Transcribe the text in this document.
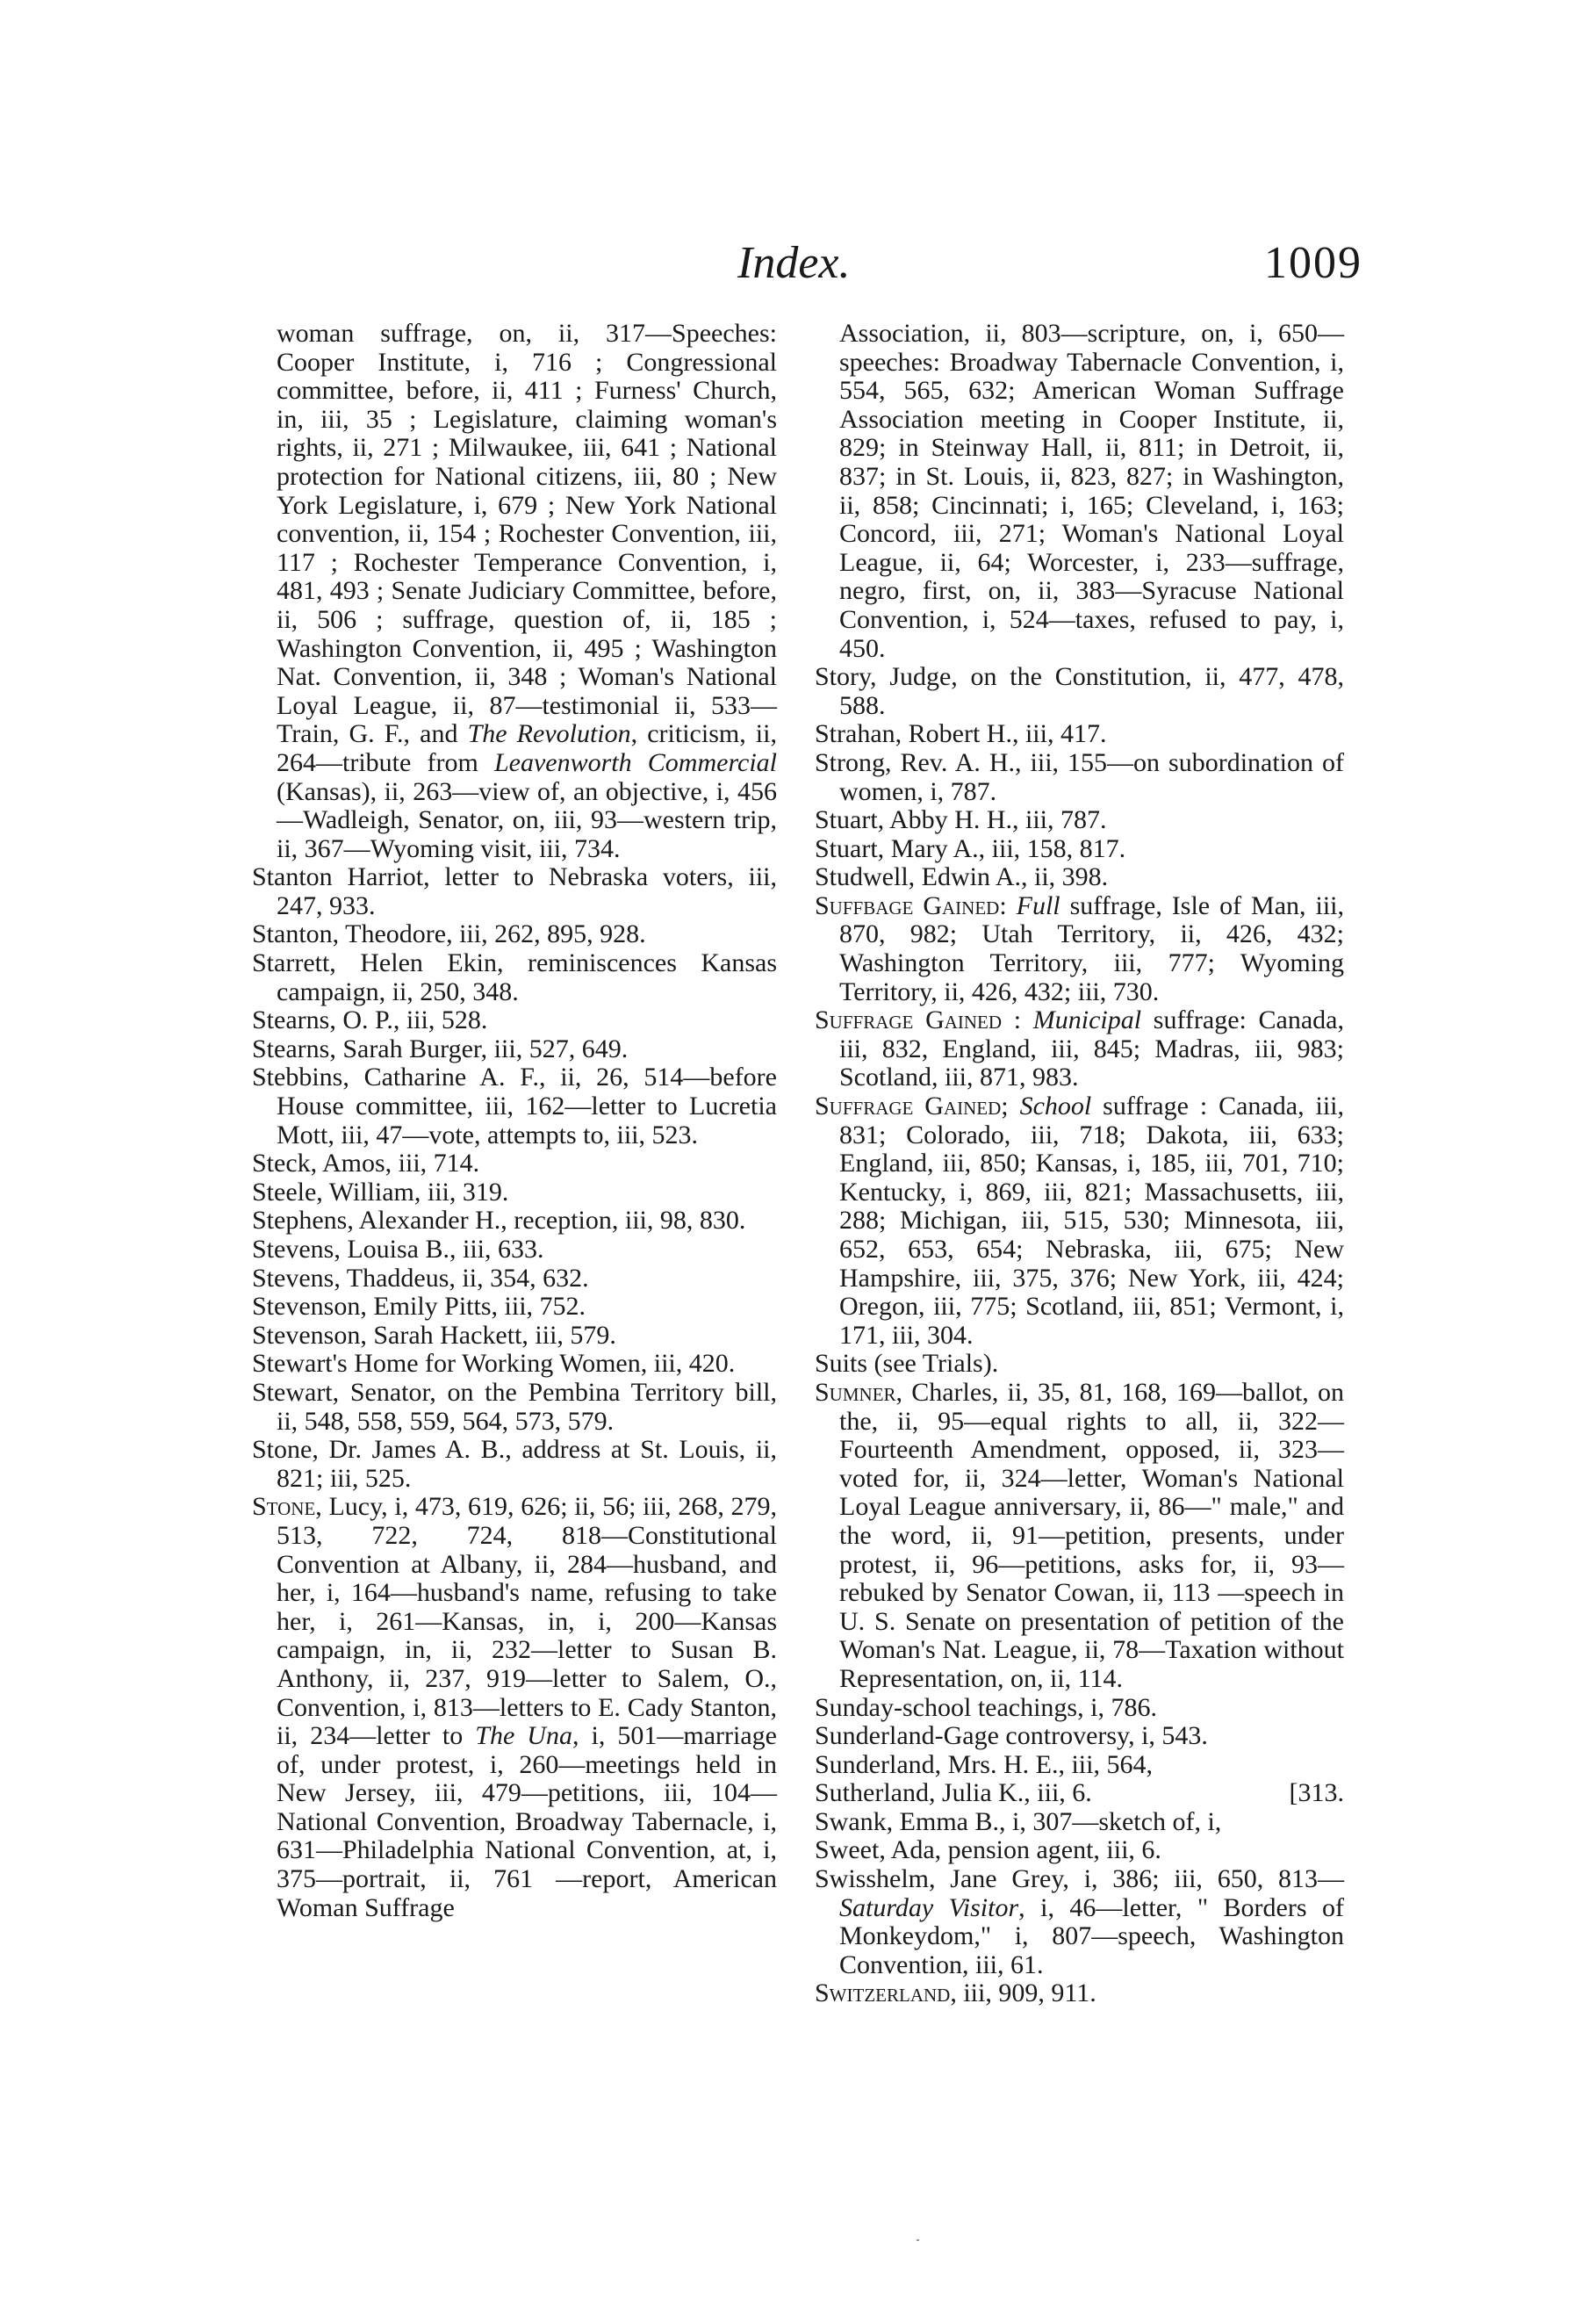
Index.	1009
woman suffrage, on, ii, 317—Speeches: Cooper Institute, i, 716 ; Congressional committee, before, ii, 411 ; Furness' Church, in, iii, 35 ; Legislature, claiming woman's rights, ii, 271 ; Milwaukee, iii, 641 ; National protection for National citizens, iii, 80 ; New York Legislature, i, 679 ; New York National convention, ii, 154 ; Rochester Convention, iii, 117 ; Rochester Temperance Convention, i, 481, 493 ; Senate Judiciary Committee, before, ii, 506 ; suffrage, question of, ii, 185 ; Washington Convention, ii, 495 ; Washington Nat. Convention, ii, 348 ; Woman's National Loyal League, ii, 87—testimonial ii, 533—Train, G. F., and The Revolution, criticism, ii, 264—tribute from Leavenworth Commercial (Kansas), ii, 263—view of, an objective, i, 456—Wadleigh, Senator, on, iii, 93—western trip, ii, 367—Wyoming visit, iii, 734.
Stanton Harriot, letter to Nebraska voters, iii, 247, 933.
Stanton, Theodore, iii, 262, 895, 928.
Starrett, Helen Ekin, reminiscences Kansas campaign, ii, 250, 348.
Stearns, O. P., iii, 528.
Stearns, Sarah Burger, iii, 527, 649.
Stebbins, Catharine A. F., ii, 26, 514—before House committee, iii, 162—letter to Lucretia Mott, iii, 47—vote, attempts to, iii, 523.
Steck, Amos, iii, 714.
Steele, William, iii, 319.
Stephens, Alexander H., reception, iii, 98, 830.
Stevens, Louisa B., iii, 633.
Stevens, Thaddeus, ii, 354, 632.
Stevenson, Emily Pitts, iii, 752.
Stevenson, Sarah Hackett, iii, 579.
Stewart's Home for Working Women, iii, 420.
Stewart, Senator, on the Pembina Territory bill, ii, 548, 558, 559, 564, 573, 579.
Stone, Dr. James A. B., address at St. Louis, ii, 821; iii, 525.
Stone, Lucy, i, 473, 619, 626; ii, 56; iii, 268, 279, 513, 722, 724, 818—Constitutional Convention at Albany, ii, 284—husband, and her, i, 164—husband's name, refusing to take her, i, 261—Kansas, in, i, 200—Kansas campaign, in, ii, 232—letter to Susan B. Anthony, ii, 237, 919—letter to Salem, O., Convention, i, 813—letters to E. Cady Stanton, ii, 234—letter to The Una, i, 501—marriage of, under protest, i, 260—meetings held in New Jersey, iii, 479—petitions, iii, 104—National Convention, Broadway Tabernacle, i, 631—Philadelphia National Convention, at, i, 375—portrait, ii, 761 —report, American Woman Suffrage
Association, ii, 803—scripture, on, i, 650—speeches: Broadway Tabernacle Convention, i, 554, 565, 632; American Woman Suffrage Association meeting in Cooper Institute, ii, 829; in Steinway Hall, ii, 811; in Detroit, ii, 837; in St. Louis, ii, 823, 827; in Washington, ii, 858; Cincinnati; i, 165; Cleveland, i, 163; Concord, iii, 271; Woman's National Loyal League, ii, 64; Worcester, i, 233—suffrage, negro, first, on, ii, 383—Syracuse National Convention, i, 524—taxes, refused to pay, i, 450.
Story, Judge, on the Constitution, ii, 477, 478, 588.
Strahan, Robert H., iii, 417.
Strong, Rev. A. H., iii, 155—on subordination of women, i, 787.
Stuart, Abby H. H., iii, 787.
Stuart, Mary A., iii, 158, 817.
Studwell, Edwin A., ii, 398.
Suffbage Gained: Full suffrage, Isle of Man, iii, 870, 982; Utah Territory, ii, 426, 432; Washington Territory, iii, 777; Wyoming Territory, ii, 426, 432; iii, 730.
Suffrage Gained : Municipal suffrage: Canada, iii, 832, England, iii, 845; Madras, iii, 983; Scotland, iii, 871, 983.
Suffrage Gained; School suffrage : Canada, iii, 831; Colorado, iii, 718; Dakota, iii, 633; England, iii, 850; Kansas, i, 185, iii, 701, 710; Kentucky, i, 869, iii, 821; Massachusetts, iii, 288; Michigan, iii, 515, 530; Minnesota, iii, 652, 653, 654; Nebraska, iii, 675; New Hampshire, iii, 375, 376; New York, iii, 424; Oregon, iii, 775; Scotland, iii, 851; Vermont, i, 171, iii, 304.
Suits (see Trials).
Sumner, Charles, ii, 35, 81, 168, 169—ballot, on the, ii, 95—equal rights to all, ii, 322—Fourteenth Amendment, opposed, ii, 323—voted for, ii, 324—letter, Woman's National Loyal League anniversary, ii, 86—" male," and the word, ii, 91—petition, presents, under protest, ii, 96—petitions, asks for, ii, 93—rebuked by Senator Cowan, ii, 113 —speech in U. S. Senate on presentation of petition of the Woman's Nat. League, ii, 78—Taxation without Representation, on, ii, 114.
Sunday-school teachings, i, 786.
Sunderland-Gage controversy, i, 543.
Sunderland, Mrs. H. E., iii, 564,
Sutherland, Julia K., iii, 6.	[313.
Swank, Emma B., i, 307—sketch of, i,
Sweet, Ada, pension agent, iii, 6.
Swisshelm, Jane Grey, i, 386; iii, 650, 813—Saturday Visitor, i, 46—letter, " Borders of Monkeydom," i, 807—speech, Washington Convention, iii, 61.
Switzerland, iii, 909, 911.
